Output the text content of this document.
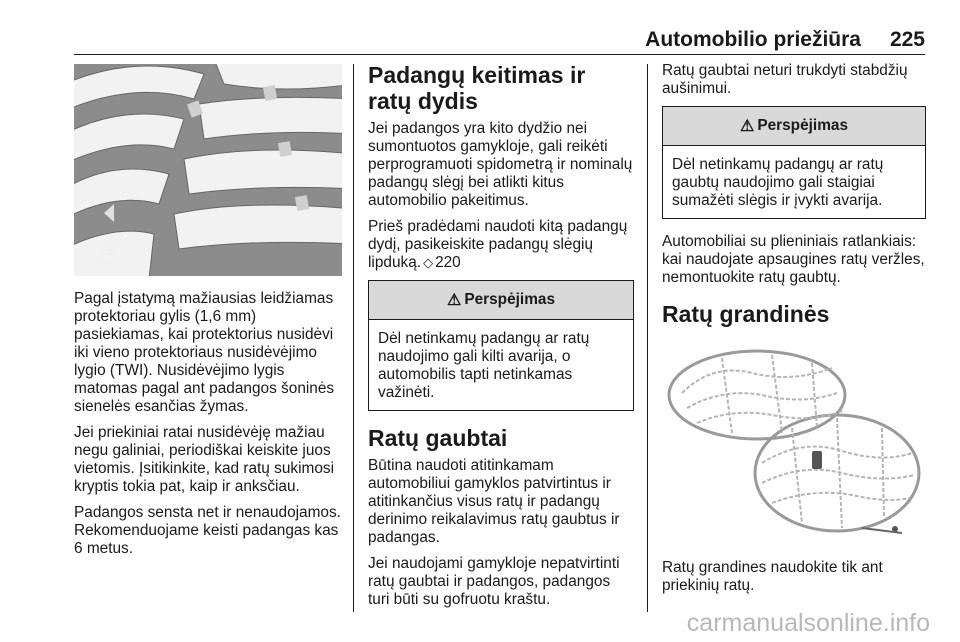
Automobilio priežiūra 225
TWI

Pagal įstatymą mažiausias leidžiamas protektoriau gylis (1,6 mm) pasiekiamas, kai protektorius nusidėvi iki vieno protektoriaus nusidėvėjimo lygio (TWI). Nusidėvėjimo lygis matomas pagal ant padangos šoninės sienelės esančias žymas.

Jei priekiniai ratai nusidėvėję mažiau negu galiniai, periodiškai keiskite juos vietomis. Įsitikinkite, kad ratų sukimosi kryptis tokia pat, kaip ir anksčiau.

Padangos sensta net ir nenaudojamos. Rekomenduojame keisti padangas kas 6 metus.

Padangų keitimas ir ratų dydis

Jei padangos yra kito dydžio nei sumontuotos gamykloje, gali reikėti perprogramuoti spidometrą ir nominalų padangų slėgį bei atlikti kitus automobilio pakeitimus.

Prieš pradėdami naudoti kitą padangų dydį, pasikeiskite padangų slėgių lipduką. ◇ 220

⚠ Perspėjimas
Dėl netinkamų padangų ar ratų naudojimo gali kilti avarija, o automobilis tapti netinkamas važinėti.
Ratų gaubtai

Būtina naudoti atitinkamam automobiliui gamyklos patvirtintus ir atitinkančius visus ratų ir padangų derinimo reikalavimus ratų gaubtus ir padangas.

Jei naudojami gamykloje nepatvirtinti ratų gaubtai ir padangos, padangos turi būti su gofruotu kraštu.

Ratų gaubtai neturi trukdyti stabdžių aušinimui.

⚠ Perspėjimas
Dėl netinkamų padangų ar ratų gaubtų naudojimo gali staigiai sumažėti slėgis ir įvykti avarija.

Automobiliai su plieniniais ratlankiais: kai naudojate apsaugines ratų veržles, nemontuokite ratų gaubtų.

Ratų grandinės

Ratų grandines naudokite tik ant priekinių ratų.

carmanualsonline.info
